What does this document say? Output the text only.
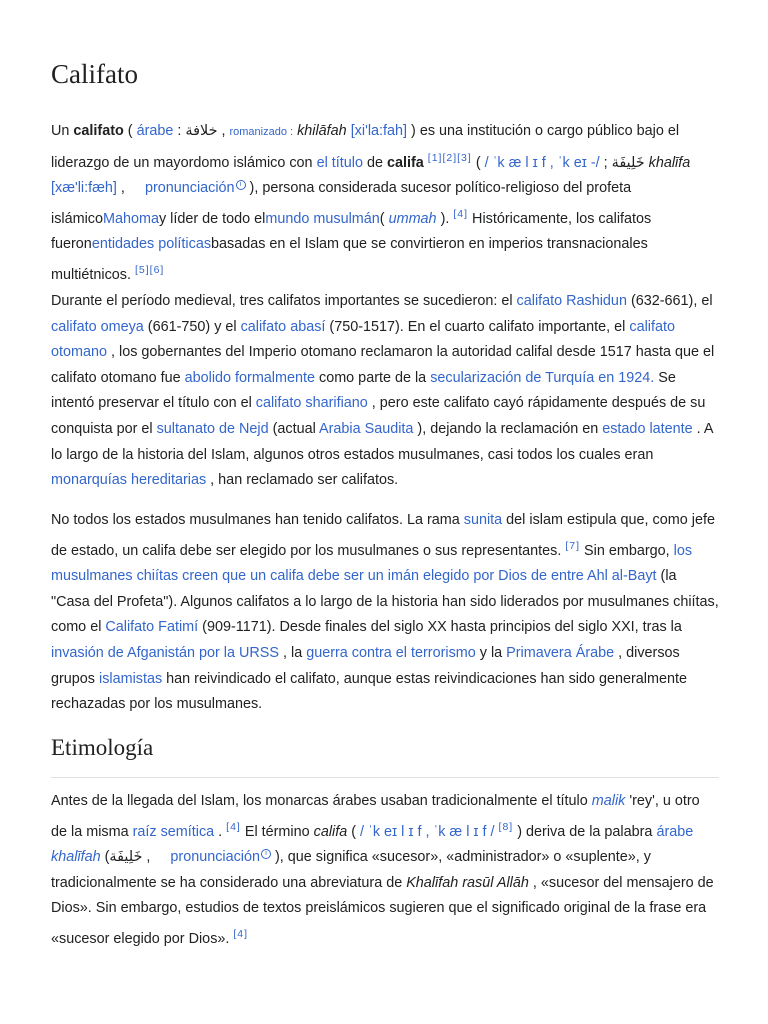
Califato

Un califato ( árabe : خلافة , romanizado : khilāfah [xi'la:fah] ) es una institución o cargo público bajo el liderazgo de un mayordomo islámico con el título de califa [1][2][3] ( / ˈk æ l ɪ f , ˈk eɪ -/ ; خَلِيفَة khalīfa [xæ'li:fæh] ,     pronunciación i ), persona considerada sucesor político-religioso del profeta islámicoMahomay líder de todo elmundo musulmán( ummah ). [4] Históricamente, los califatos fueronentidades políticasbasadas en el Islam que se convirtieron en imperios transnacionales multiétnicos. [5][6]

Durante el período medieval, tres califatos importantes se sucedieron: el califato Rashidun (632-661), el califato omeya (661-750) y el califato abasí (750-1517). En el cuarto califato importante, el califato otomano , los gobernantes del Imperio otomano reclamaron la autoridad califal desde 1517 hasta que el califato otomano fue abolido formalmente como parte de la secularización de Turquía en 1924. Se intentó preservar el título con el califato sharifiano , pero este califato cayó rápidamente después de su conquista por el sultanato de Nejd (actual Arabia Saudita ), dejando la reclamación en estado latente . A lo largo de la historia del Islam, algunos otros estados musulmanes, casi todos los cuales eran monarquías hereditarias , han reclamado ser califatos.

No todos los estados musulmanes han tenido califatos. La rama sunita del islam estipula que, como jefe de estado, un califa debe ser elegido por los musulmanes o sus representantes. [7] Sin embargo, los musulmanes chiítas creen que un califa debe ser un imán elegido por Dios de entre Ahl al-Bayt (la "Casa del Profeta"). Algunos califatos a lo largo de la historia han sido liderados por musulmanes chiítas, como el Califato Fatimí (909-1171). Desde finales del siglo XX hasta principios del siglo XXI, tras la invasión de Afganistán por la URSS , la guerra contra el terrorismo y la Primavera Árabe , diversos grupos islamistas han reivindicado el califato, aunque estas reivindicaciones han sido generalmente rechazadas por los musulmanes.

Etimología

Antes de la llegada del Islam, los monarcas árabes usaban tradicionalmente el título malik 'rey', u otro de la misma raíz semítica . [4] El término califa ( / ˈk eɪ l ɪ f , ˈk æ l ɪ f / [8] ) deriva de la palabra árabe khalīfah (خَلِيفَة ,     pronunciación i ), que significa «sucesor», «administrador» o «suplente», y tradicionalmente se ha considerado una abreviatura de Khalīfah rasūl Allāh , «sucesor del mensajero de Dios». Sin embargo, estudios de textos preislámicos sugieren que el significado original de la frase era «sucesor elegido por Dios». [4]
